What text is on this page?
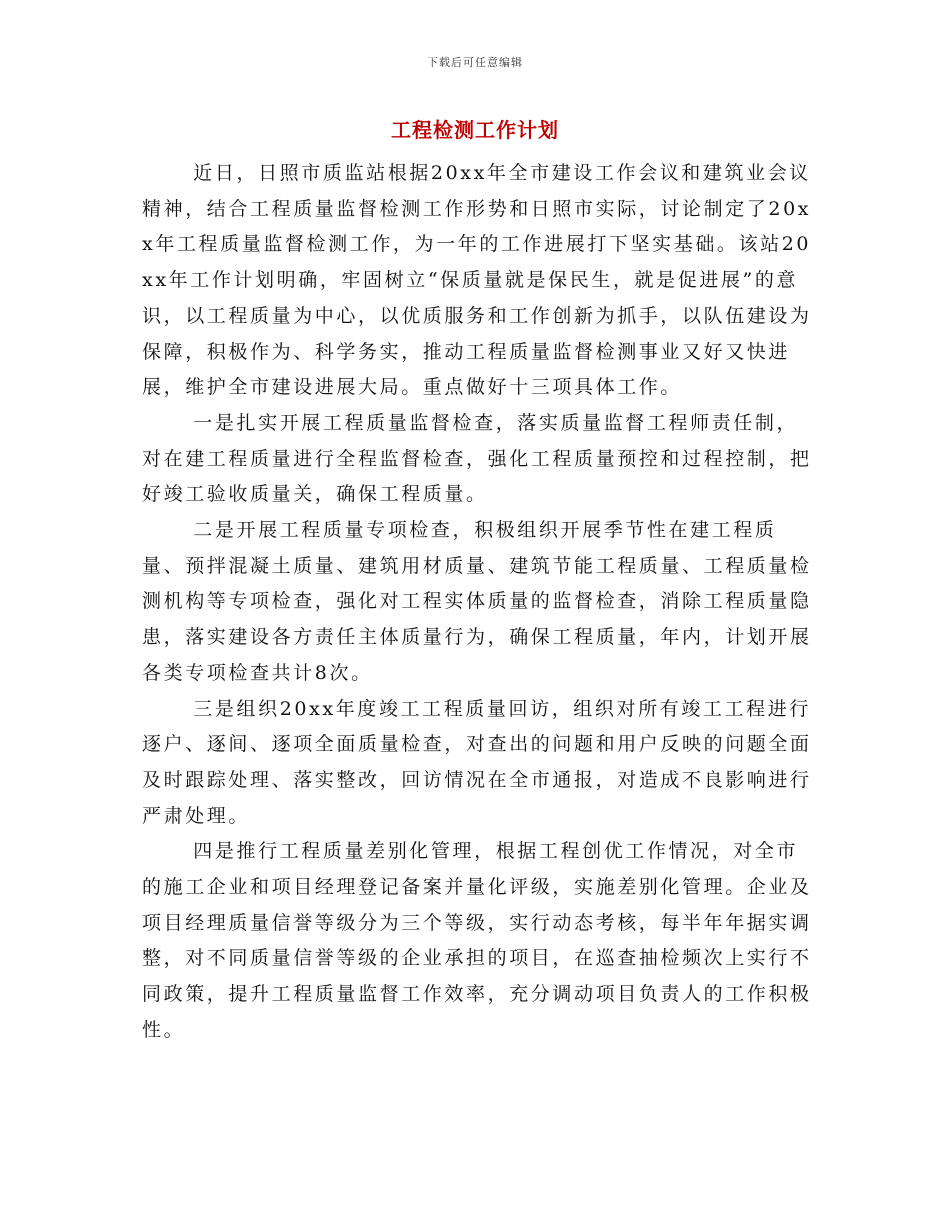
下载后可任意编辑
工程检测工作计划

近日，日照市质监站根据20xx年全市建设工作会议和建筑业会议精神，结合工程质量监督检测工作形势和日照市实际，讨论制定了20xx年工程质量监督检测工作，为一年的工作进展打下坚实基础。该站20xx年工作计划明确，牢固树立“保质量就是保民生，就是促进展”的意识，以工程质量为中心，以优质服务和工作创新为抓手，以队伍建设为保障，积极作为、科学务实，推动工程质量监督检测事业又好又快进展，维护全市建设进展大局。重点做好十三项具体工作。

一是扎实开展工程质量监督检查，落实质量监督工程师责任制，对在建工程质量进行全程监督检查，强化工程质量预控和过程控制，把好竣工验收质量关，确保工程质量。

二是开展工程质量专项检查，积极组织开展季节性在建工程质量、预拌混凝土质量、建筑用材质量、建筑节能工程质量、工程质量检测机构等专项检查，强化对工程实体质量的监督检查，消除工程质量隐患，落实建设各方责任主体质量行为，确保工程质量，年内，计划开展各类专项检查共计8次。

三是组织20xx年度竣工工程质量回访，组织对所有竣工工程进行逐户、逐间、逐项全面质量检查，对查出的问题和用户反映的问题全面及时跟踪处理、落实整改，回访情况在全市通报，对造成不良影响进行严肃处理。

四是推行工程质量差别化管理，根据工程创优工作情况，对全市的施工企业和项目经理登记备案并量化评级，实施差别化管理。企业及项目经理质量信誉等级分为三个等级，实行动态考核，每半年年据实调整，对不同质量信誉等级的企业承担的项目，在巡查抽检频次上实行不同政策，提升工程质量监督工作效率，充分调动项目负责人的工作积极性。
